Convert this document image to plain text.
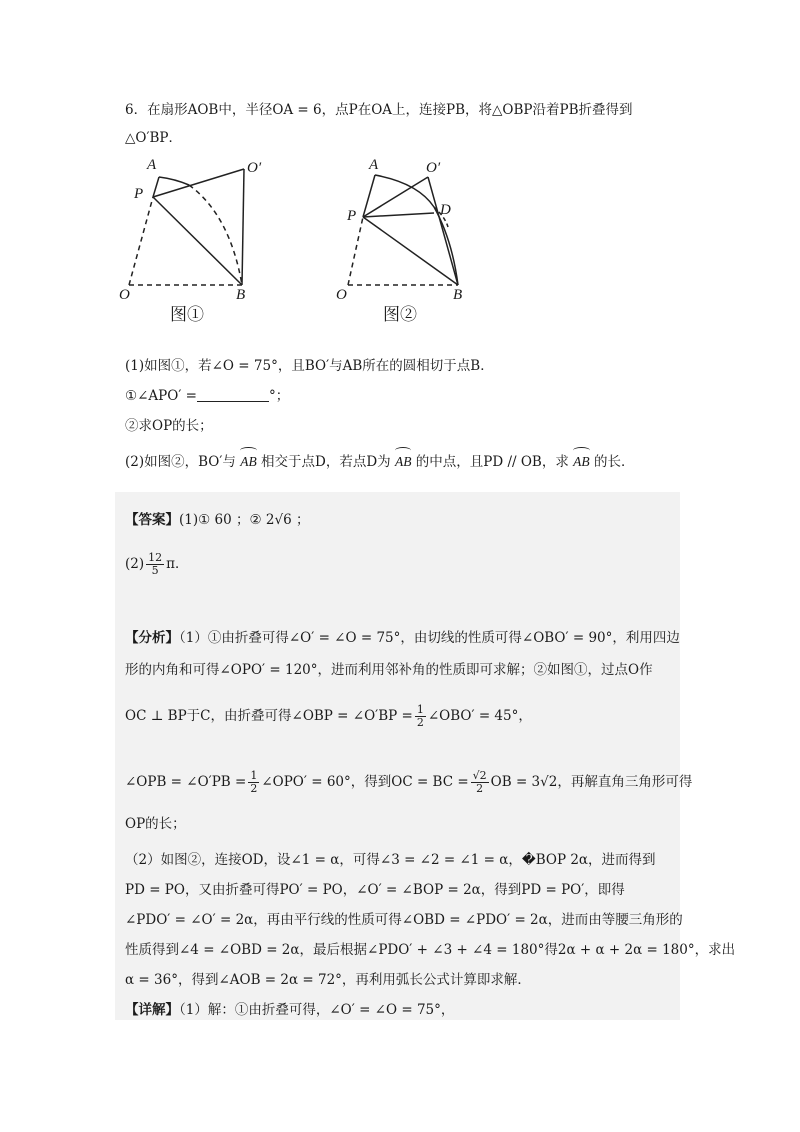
6．在扇形AOB中，半径OA = 6，点P在OA上，连接PB，将△OBP沿着PB折叠得到
△O′BP．
A	O′
P
O	B
图①
A	O′
P	D
O	B
图②
(1)如图①，若∠O = 75°，且BO′与AB所在的圆相切于点B．
①∠APO′ =	°；
②求OP的长；
(2)如图②，BO′与 AB 相交于点D，若点D为 AB 的中点，且PD // OB，求 AB 的长．
【答案】(1)① 60 ；② 2√6 ；
$(2) \frac{12}{5}$ π．
【分析】（1）①由折叠可得∠O′ = ∠O = 75°，由切线的性质可得∠OBO′ = 90°，利用四边
形的内角和可得∠OPO′ = 120°，进而利用邻补角的性质即可求解；②如图①，过点O作
OC ⊥ BP于C，由折叠可得∠OBP = ∠O′BP = $\frac{1}{2}$ ∠OBO′ = 45°，
∠OPB = ∠O′PB = $\frac{1}{2}$ ∠OPO′ = 60°，得到OC = BC = $\frac{√2}{2}$ OB = 3√2，再解直角三角形可得
OP的长；
（2）如图②，连接OD，设∠1 = α，可得∠3 = ∠2 = ∠1 = α，�BOP 2α，进而得到
PD = PO，又由折叠可得PO′ = PO，∠O′ = ∠BOP = 2α，得到PD = PO′，即得
∠PDO′ = ∠O′ = 2α，再由平行线的性质可得∠OBD = ∠PDO′ = 2α，进而由等腰三角形的
性质得到∠4 = ∠OBD = 2α，最后根据∠PDO′ + ∠3 + ∠4 = 180°得2α + α + 2α = 180°，求出
α = 36°，得到∠AOB = 2α = 72°，再利用弧长公式计算即求解．
【详解】（1）解：①由折叠可得，∠O′ = ∠O = 75°，
